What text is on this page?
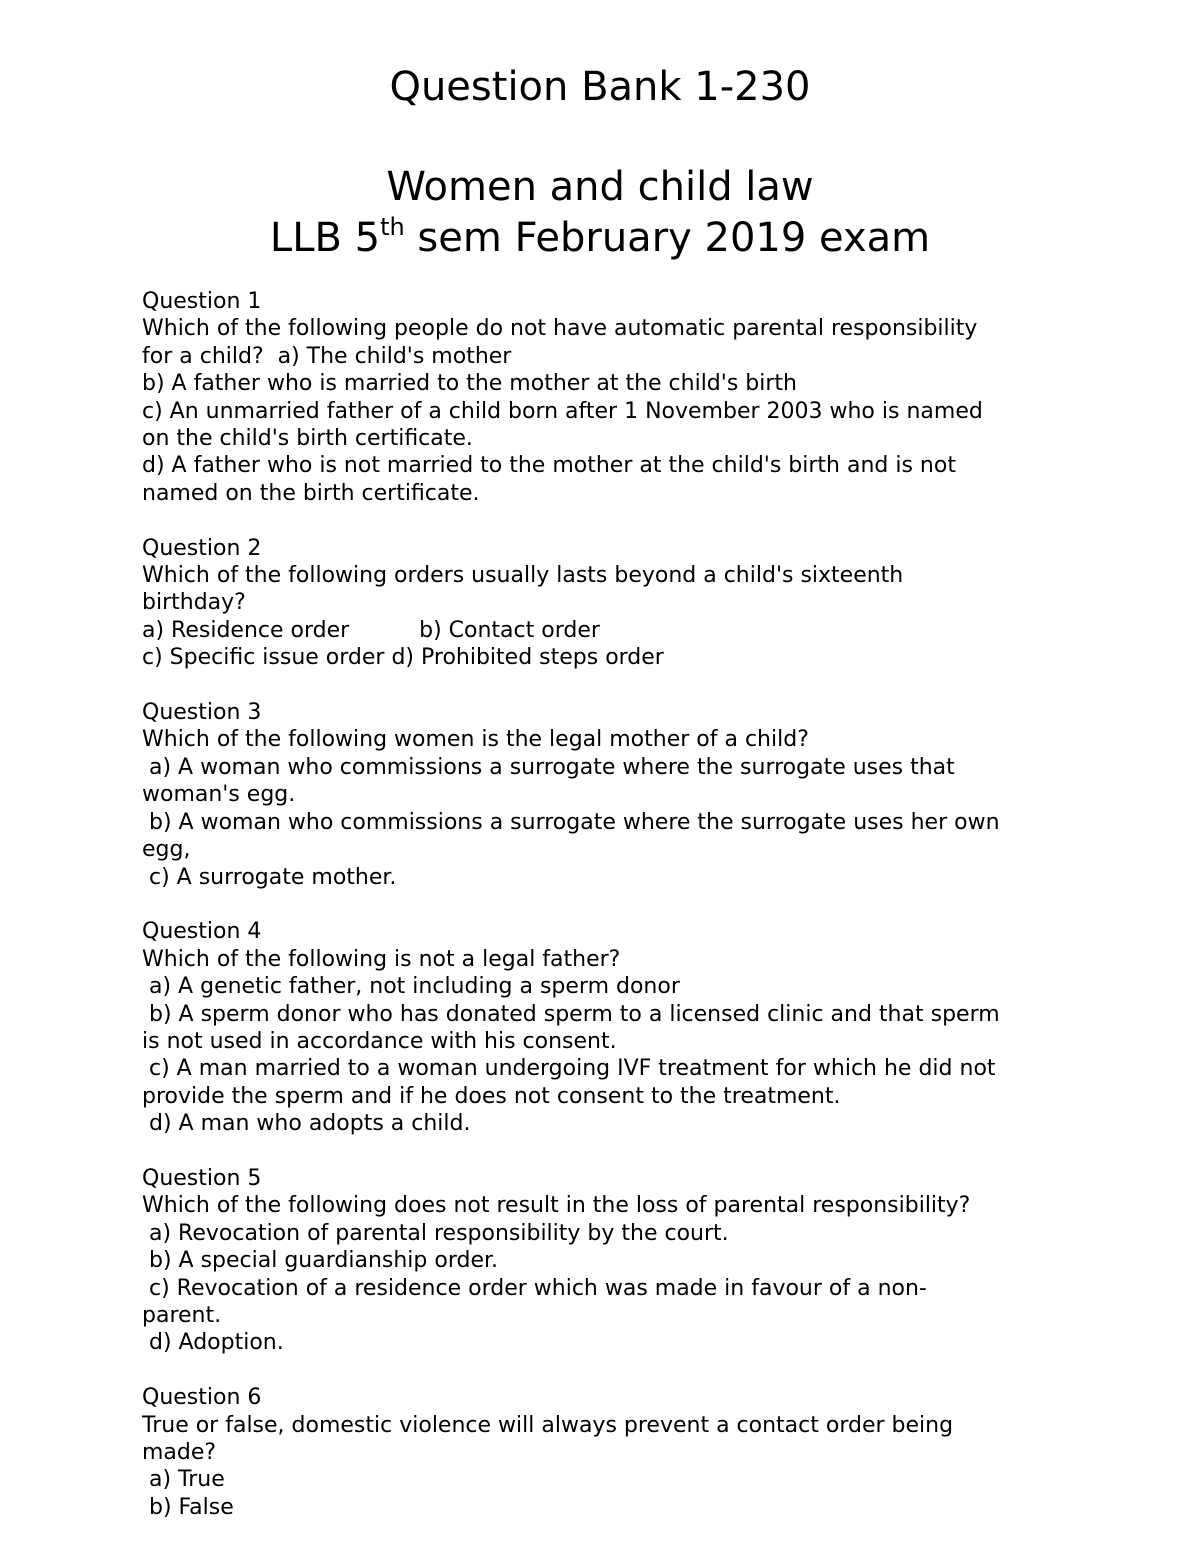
Question Bank 1-230
Women and child law
LLB 5th sem February 2019 exam
Question 1
Which of the following people do not have automatic parental responsibility
for a child?  a) The child's mother
b) A father who is married to the mother at the child's birth
c) An unmarried father of a child born after 1 November 2003 who is named
on the child's birth certificate.
d) A father who is not married to the mother at the child's birth and is not
named on the birth certificate.
Question 2
Which of the following orders usually lasts beyond a child's sixteenth
birthday?
a) Residence order          b) Contact order
c) Specific issue order d) Prohibited steps order
Question 3
Which of the following women is the legal mother of a child?
a) A woman who commissions a surrogate where the surrogate uses that
woman's egg.
b) A woman who commissions a surrogate where the surrogate uses her own
egg,
c) A surrogate mother.
Question 4
Which of the following is not a legal father?
a) A genetic father, not including a sperm donor
b) A sperm donor who has donated sperm to a licensed clinic and that sperm
is not used in accordance with his consent.
c) A man married to a woman undergoing IVF treatment for which he did not
provide the sperm and if he does not consent to the treatment.
d) A man who adopts a child.
Question 5
Which of the following does not result in the loss of parental responsibility?
a) Revocation of parental responsibility by the court.
b) A special guardianship order.
c) Revocation of a residence order which was made in favour of a non-
parent.
d) Adoption.
Question 6
True or false, domestic violence will always prevent a contact order being
made?
a) True
b) False
